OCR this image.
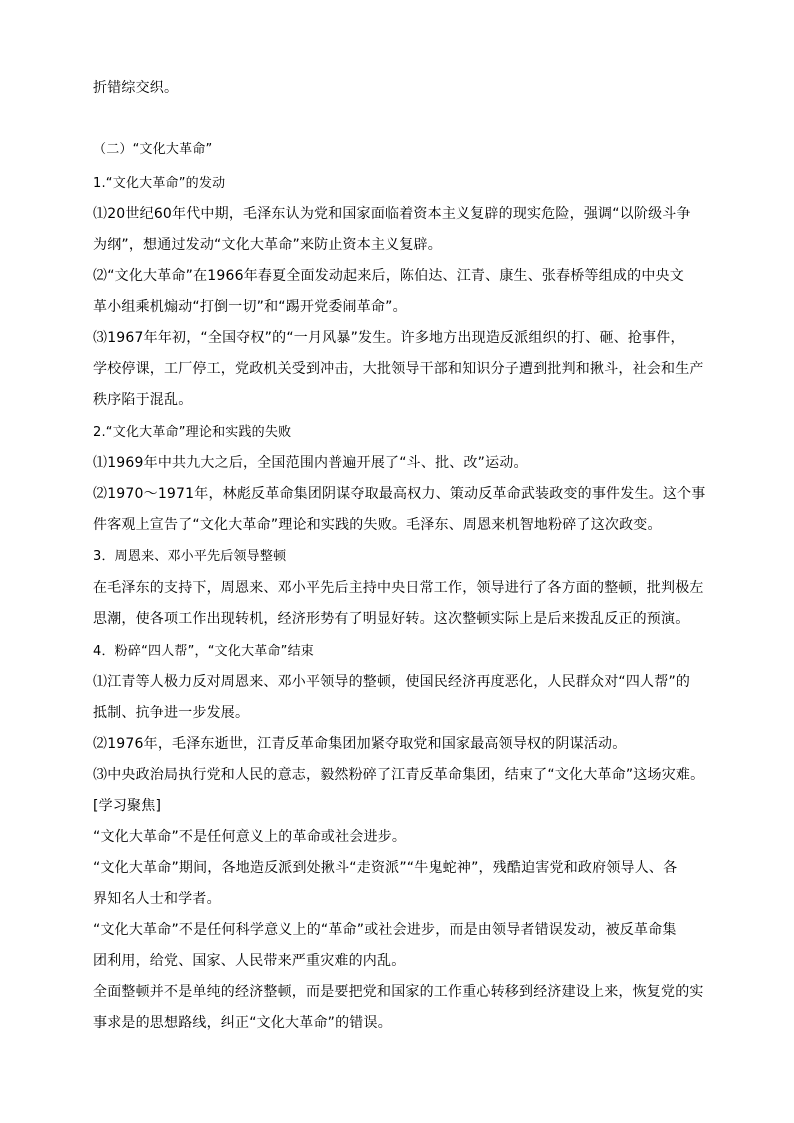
折错综交织。

（二）“文化大革命”

1.“文化大革命”的发动

⑴20世纪60年代中期，毛泽东认为党和国家面临着资本主义复辟的现实危险，强调“以阶级斗争

为纲”，想通过发动“文化大革命”来防止资本主义复辟。

⑵“文化大革命”在1966年春夏全面发动起来后，陈伯达、江青、康生、张春桥等组成的中央文

革小组乘机煽动“打倒一切”和“踢开党委闹革命”。

⑶1967年年初，“全国夺权”的“一月风暴”发生。许多地方出现造反派组织的打、砸、抢事件，

学校停课，工厂停工，党政机关受到冲击，大批领导干部和知识分子遭到批判和揪斗，社会和生产

秩序陷于混乱。

2.“文化大革命”理论和实践的失败

⑴1969年中共九大之后，全国范围内普遍开展了“斗、批、改”运动。

⑵1970～1971年，林彪反革命集团阴谋夺取最高权力、策动反革命武装政变的事件发生。这个事

件客观上宣告了“文化大革命”理论和实践的失败。毛泽东、周恩来机智地粉碎了这次政变。

3．周恩来、邓小平先后领导整顿

在毛泽东的支持下，周恩来、邓小平先后主持中央日常工作，领导进行了各方面的整顿，批判极左

思潮，使各项工作出现转机，经济形势有了明显好转。这次整顿实际上是后来拨乱反正的预演。

4．粉碎“四人帮”，“文化大革命”结束

⑴江青等人极力反对周恩来、邓小平领导的整顿，使国民经济再度恶化，人民群众对“四人帮”的

抵制、抗争进一步发展。

⑵1976年，毛泽东逝世，江青反革命集团加紧夺取党和国家最高领导权的阴谋活动。

⑶中央政治局执行党和人民的意志，毅然粉碎了江青反革命集团，结束了“文化大革命”这场灾难。

[学习聚焦]

“文化大革命”不是任何意义上的革命或社会进步。

“文化大革命”期间，各地造反派到处揪斗“走资派”“牛鬼蛇神”，残酷迫害党和政府领导人、各

界知名人士和学者。

“文化大革命”不是任何科学意义上的“革命”或社会进步，而是由领导者错误发动，被反革命集

团利用，给党、国家、人民带来严重灾难的内乱。

全面整顿并不是单纯的经济整顿，而是要把党和国家的工作重心转移到经济建设上来，恢复党的实

事求是的思想路线，纠正“文化大革命”的错误。
